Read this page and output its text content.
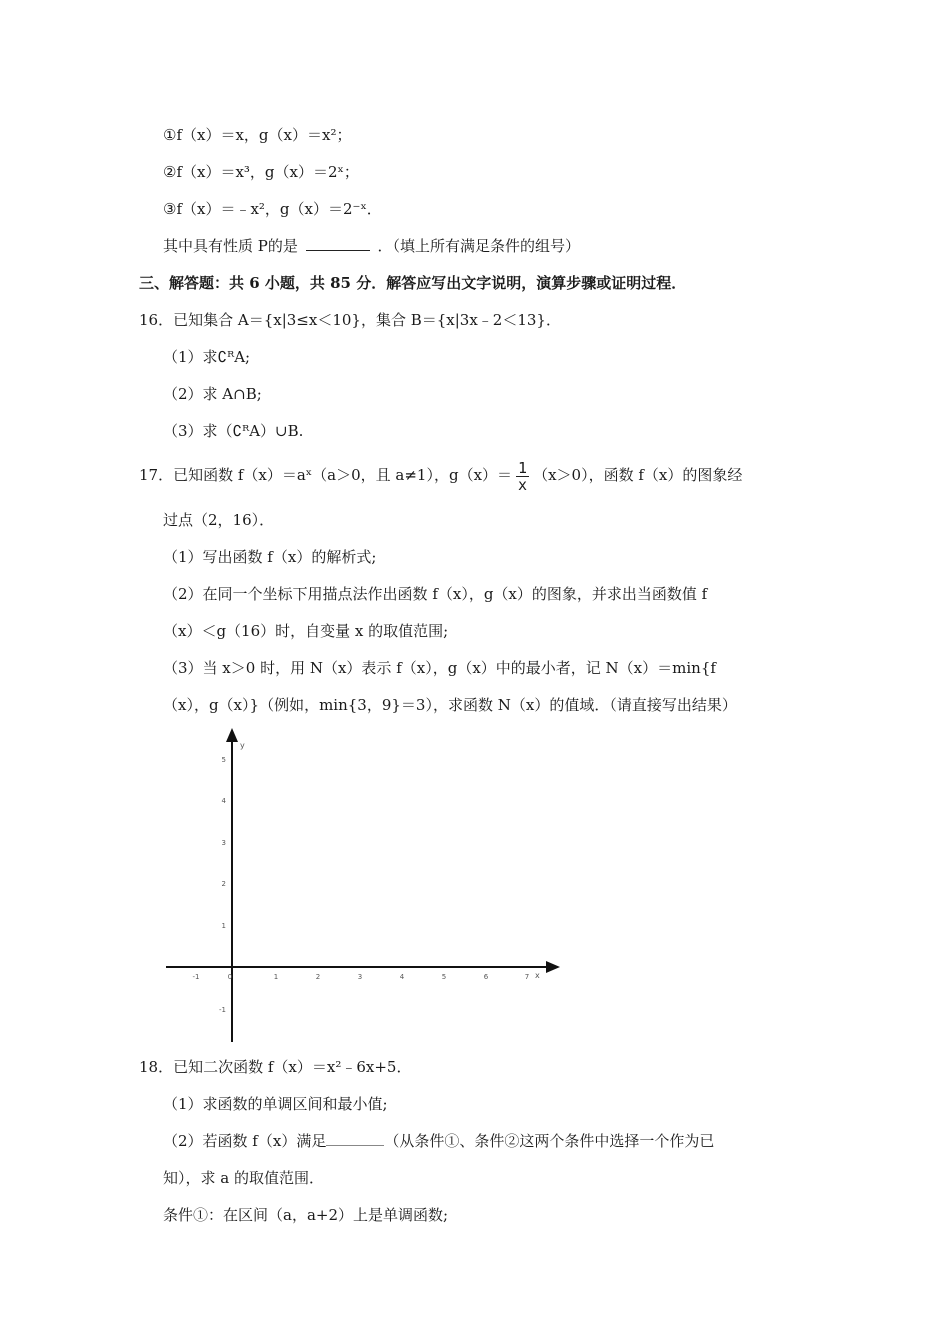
①f（x）＝x，g（x）＝x²；
②f（x）＝x³，g（x）＝2ˣ；
③f（x）＝﹣x²，g（x）＝2⁻ˣ．
其中具有性质 P的是	．（填上所有满足条件的组号）
三、解答题：共 6 小题，共 85 分．解答应写出文字说明，演算步骤或证明过程．
16．已知集合 A＝{x|3≤x＜10}，集合 B＝{x|3x﹣2＜13}．
（1）求∁ᴿA;
（2）求 A∩B;
（3）求（∁ᴿA）∪B.
17．已知函数 f（x）＝aˣ（a＞0，且 a≠1），$g(x)= \frac{1}{x} (x>0)$，函数 f（x）的图象经
过点（2，16）．
（1）写出函数 f（x）的解析式;
（2）在同一个坐标下用描点法作出函数 f（x），g（x）的图象，并求出当函数值 f
（x）＜g（16）时，自变量 x 的取值范围;
（3）当 x＞0 时，用 N（x）表示 f（x），g（x）中的最小者，记 N（x）＝min{f
（x），g（x）}（例如，min{3，9}＝3），求函数 N（x）的值域．（请直接写出结果）
y
x
5
4
3
2
1
-1
-1	0	1	2	3	4	5	6	7
18．已知二次函数 f（x）＝x²﹣6x+5．
（1）求函数的单调区间和最小值;
（2）若函数 f（x）满足	（从条件①、条件②这两个条件中选择一个作为已
知），求 a 的取值范围．
条件①：在区间（a，a+2）上是单调函数;
